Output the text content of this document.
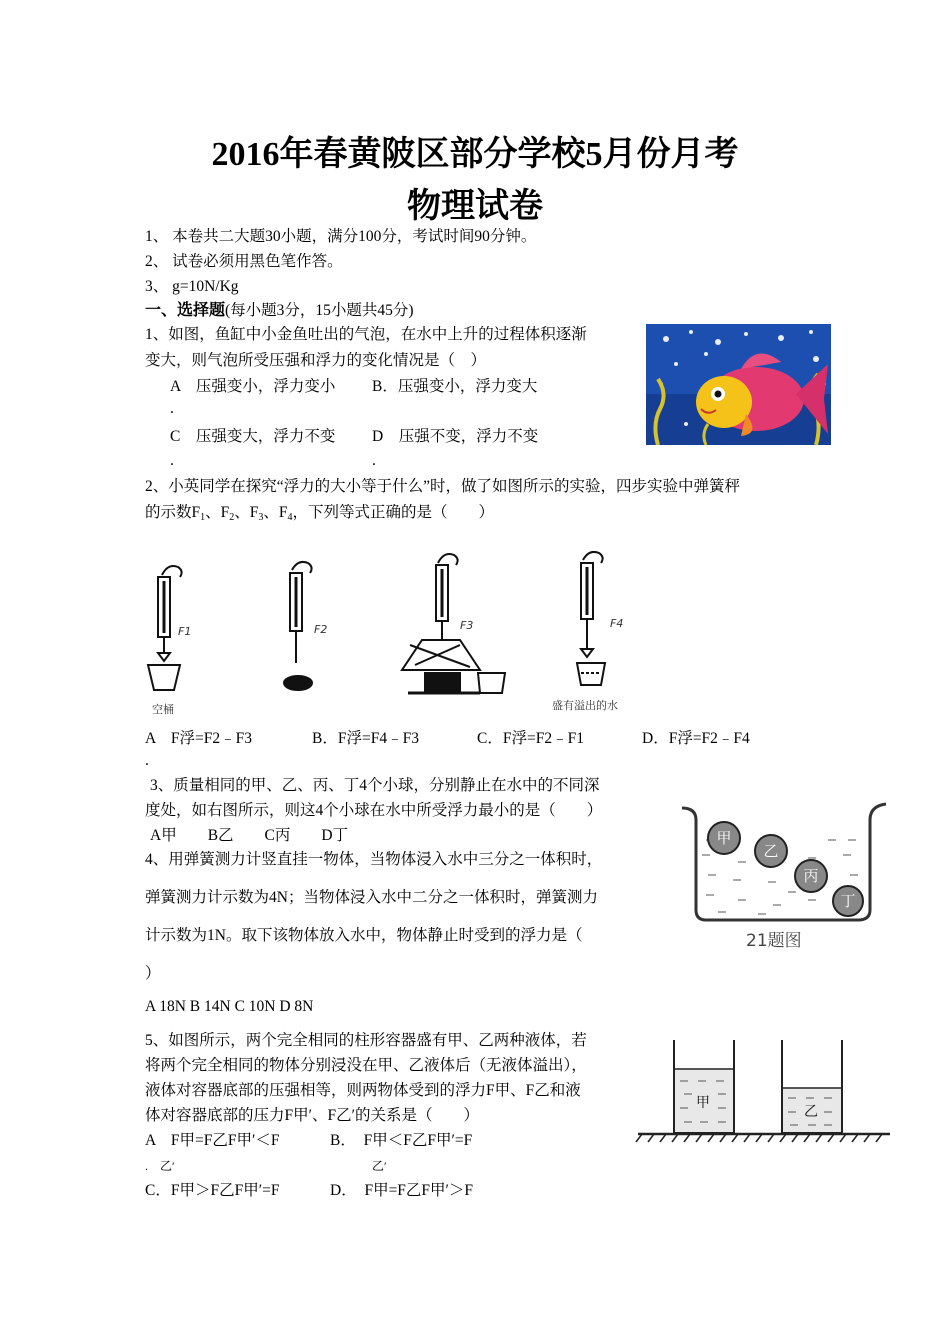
2016年春黄陂区部分学校5月份月考
物理试卷
1、 本卷共二大题30小题，满分100分，考试时间90分钟。
2、 试卷必须用黑色笔作答。
3、 g=10N/Kg
一、选择题(每小题3分，15小题共45分)
1、如图，鱼缸中小金鱼吐出的气泡，在水中上升的过程体积逐渐
变大，则气泡所受压强和浮力的变化情况是（　）
A　压强变小，浮力变小 B．压强变小，浮力变大
.
C　压强变大，浮力不变 D　压强不变，浮力不变
.	.
2、小英同学在探究“浮力的大小等于什么”时，做了如图所示的实验，四步实验中弹簧秤
的示数$F_1$、$F_2$、$F_3$、$F_4$，下列等式正确的是（　　）
F1	F2	F3	F4
空桶	盛有溢出的水
A　F浮=F2﹣F3	B．F浮=F4﹣F3	C．F浮=F2﹣F1	D．F浮=F2﹣F4
.
3、质量相同的甲、乙、丙、丁4个小球，分别静止在水中的不同深
度处，如右图所示，则这4个小球在水中所受浮力最小的是（　　）
A甲　　B乙　　C丙　　D丁	甲
乙
丙
丁
21题图
4、用弹簧测力计竖直挂一物体，当物体浸入水中三分之一体积时，
弹簧测力计示数为4N；当物体浸入水中二分之一体积时，弹簧测力
计示数为1N。取下该物体放入水中，物体静止时受到的浮力是（
）
A 18N B 14N C 10N D 8N
5、如图所示，两个完全相同的柱形容器盛有甲、乙两种液体，若
将两个完全相同的物体分别浸没在甲、乙液体后（无液体溢出），
液体对容器底部的压强相等，则两物体受到的浮力F甲、F乙和液
体对容器底部的压力F甲′、F乙′的关系是（　　）
A　F甲=F乙F甲′＜F
.　乙′
B．　F甲＜F乙F甲′=F
乙′
C．F甲＞F乙F甲′=F	D．　F甲=F乙F甲′＞F
甲
乙
